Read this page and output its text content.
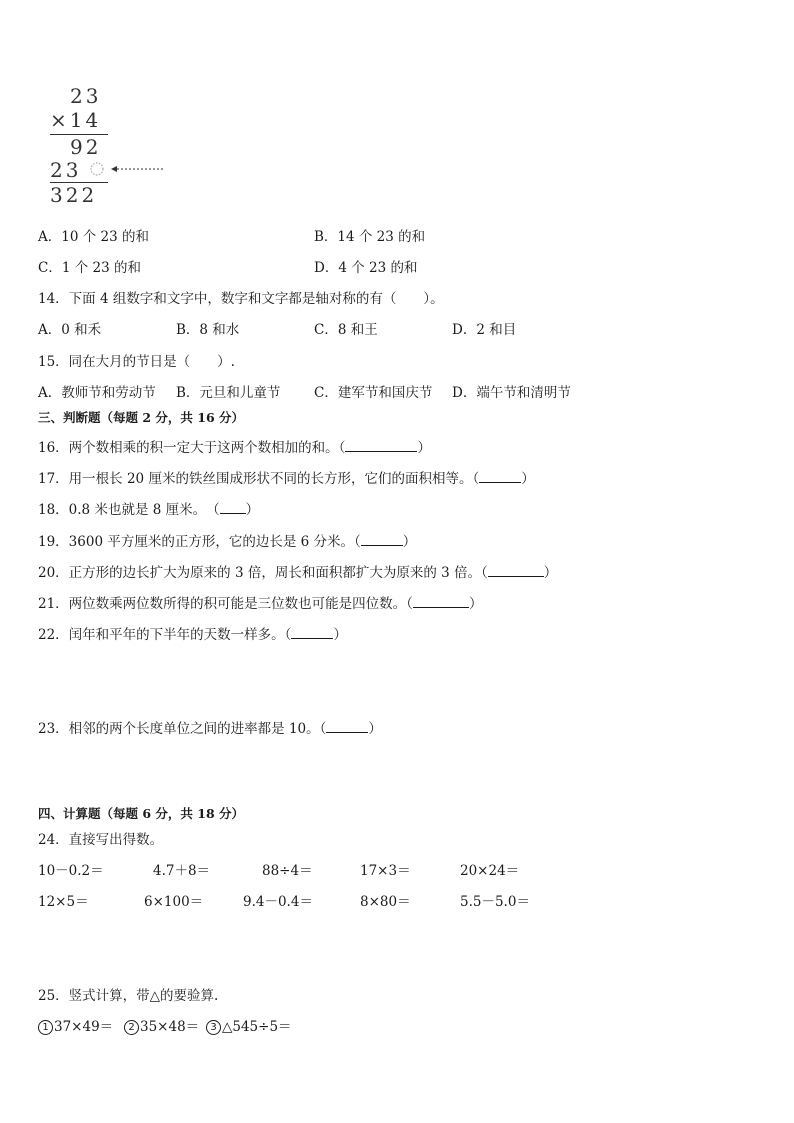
23
×14
92
23
322
A．10 个 23 的和	B．14 个 23 的和
C．1 个 23 的和	D．4 个 23 的和
14．下面 4 组数字和文字中，数字和文字都是轴对称的有（　　）。
A．0 和禾	B．8 和水	C．8 和王	D．2 和目
15．同在大月的节日是（　　）.
A．教师节和劳动节 B．元旦和儿童节 C．建军节和国庆节 D．端午节和清明节
三、判断题（每题 2 分，共 16 分）
16．两个数相乘的积一定大于这两个数相加的和。（	）
17．用一根长 20 厘米的铁丝围成形状不同的长方形，它们的面积相等。（	）
18．0.8 米也就是 8 厘米。　（ ）
19．3600 平方厘米的正方形，它的边长是 6 分米。（	）
20．正方形的边长扩大为原来的 3 倍，周长和面积都扩大为原来的 3 倍。（	）
21．两位数乘两位数所得的积可能是三位数也可能是四位数。（	）
22．闰年和平年的下半年的天数一样多。（	）
23．相邻的两个长度单位之间的进率都是 10。（	）
四、计算题（每题 6 分，共 18 分）
24．直接写出得数。
10－0.2＝	4.7＋8＝	88÷4＝	17×3＝	20×24＝
12×5＝	6×100＝	9.4－0.4＝	8×80＝	5.5－5.0＝
25．竖式计算，带△的要验算.
1 37×49＝	2 35×48＝	3 △545÷5＝
